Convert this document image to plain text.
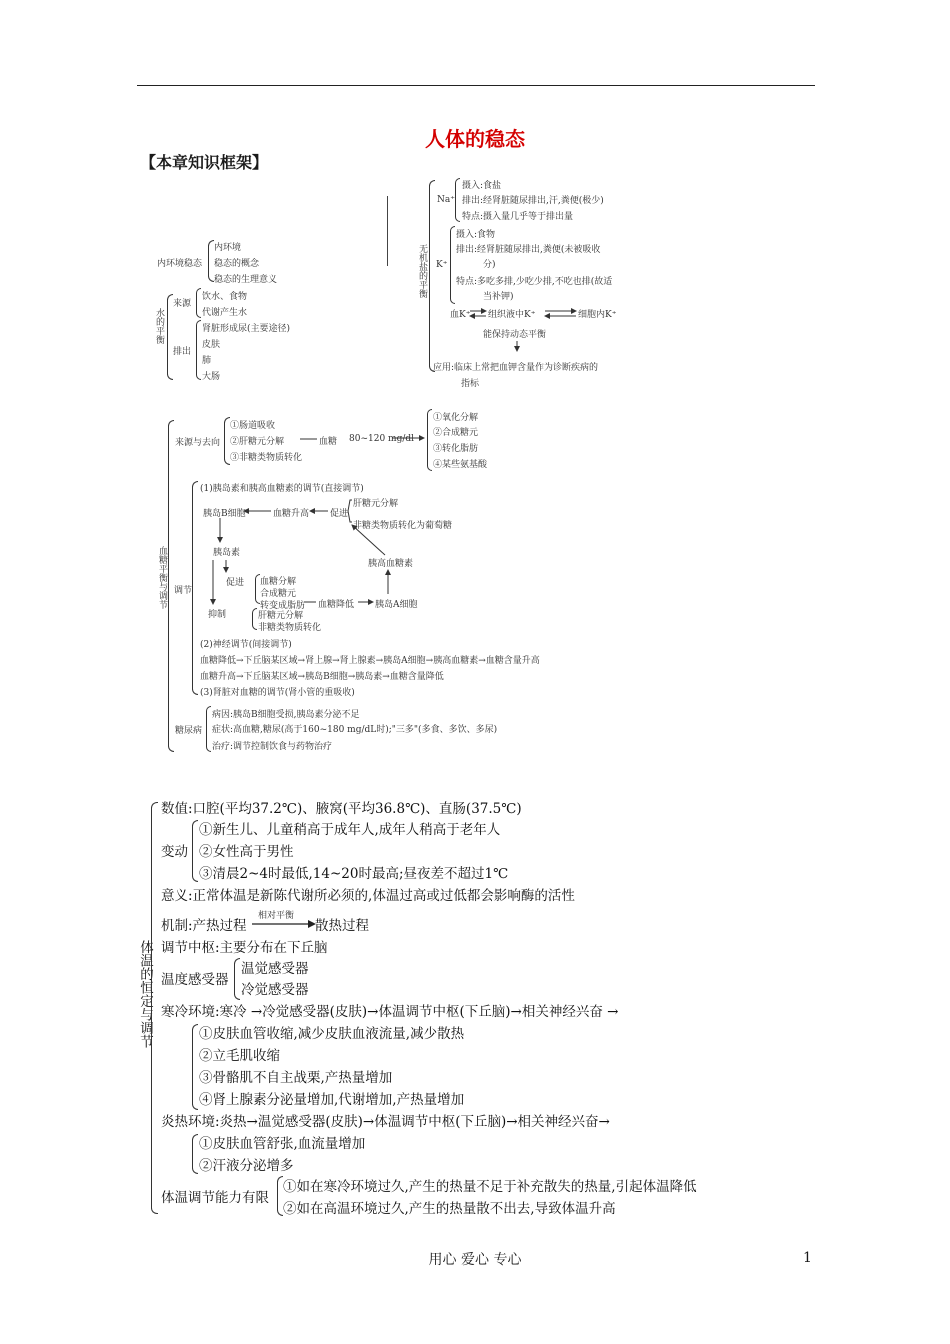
人体的稳态
【本章知识框架】
内环境稳态
内环境
稳态的概念
稳态的生理意义
水的平衡
来源
饮水、食物
代谢产生水
排出
肾脏形成尿(主要途径)
皮肤
肺
大肠
无机盐的平衡
Na⁺
摄入:食盐
排出:经肾脏随尿排出,汗,粪便(极少)
特点:摄入量几乎等于排出量
K⁺
摄入:食物
排出:经肾脏随尿排出,粪便(未被吸收
分)
特点:多吃多排,少吃少排,不吃也排(故适
当补钾)
血K⁺ 组织液中K⁺	细胞内K⁺
能保持动态平衡
应用:临床上常把血钾含量作为诊断疾病的
指标
来源与去向
①肠道吸收
②肝糖元分解
③非糖类物质转化
血糖 80~120 mg/dl
①氧化分解
②合成糖元
③转化脂肪
④某些氨基酸
血糖平衡与调节 调节
(1)胰岛素和胰高血糖素的调节(直接调节)
胰岛B细胞	血糖升高 促进
肝糖元分解
非糖类物质转化为葡萄糖
胰岛素
胰高血糖素
促进 血糖分解
合成糖元
转变成脂肪
抑制	肝糖元分解
非糖类物质转化
血糖降低 胰岛A细胞
(2)神经调节(间接调节)
血糖降低→下丘脑某区域→肾上腺→肾上腺素→胰岛A细胞→胰高血糖素→血糖含量升高
血糖升高→下丘脑某区域→胰岛B细胞→胰岛素→血糖含量降低
(3)肾脏对血糖的调节(肾小管的重吸收)
糖尿病
病因:胰岛B细胞受损,胰岛素分泌不足
症状:高血糖,糖尿(高于160~180 mg/dL时);"三多"(多食、多饮、多尿)
治疗:调节控制饮食与药物治疗
体温的恒定与调节
数值:口腔(平均37.2℃)、腋窝(平均36.8℃)、直肠(37.5℃)
变动
①新生儿、儿童稍高于成年人,成年人稍高于老年人
②女性高于男性
③清晨2~4时最低,14~20时最高;昼夜差不超过1℃
意义:正常体温是新陈代谢所必须的,体温过高或过低都会影响酶的活性
机制:产热过程
相对平衡
散热过程
调节中枢:主要分布在下丘脑
温度感受器
温觉感受器
冷觉感受器
寒冷环境:寒冷 →冷觉感受器(皮肤)→体温调节中枢(下丘脑)→相关神经兴奋 →
①皮肤血管收缩,减少皮肤血液流量,减少散热
②立毛肌收缩
③骨骼肌不自主战栗,产热量增加
④肾上腺素分泌量增加,代谢增加,产热量增加
炎热环境:炎热→温觉感受器(皮肤)→体温调节中枢(下丘脑)→相关神经兴奋→
①皮肤血管舒张,血流量增加
②汗液分泌增多
体温调节能力有限
①如在寒冷环境过久,产生的热量不足于补充散失的热量,引起体温降低
②如在高温环境过久,产生的热量散不出去,导致体温升高
用心 爱心 专心	1
